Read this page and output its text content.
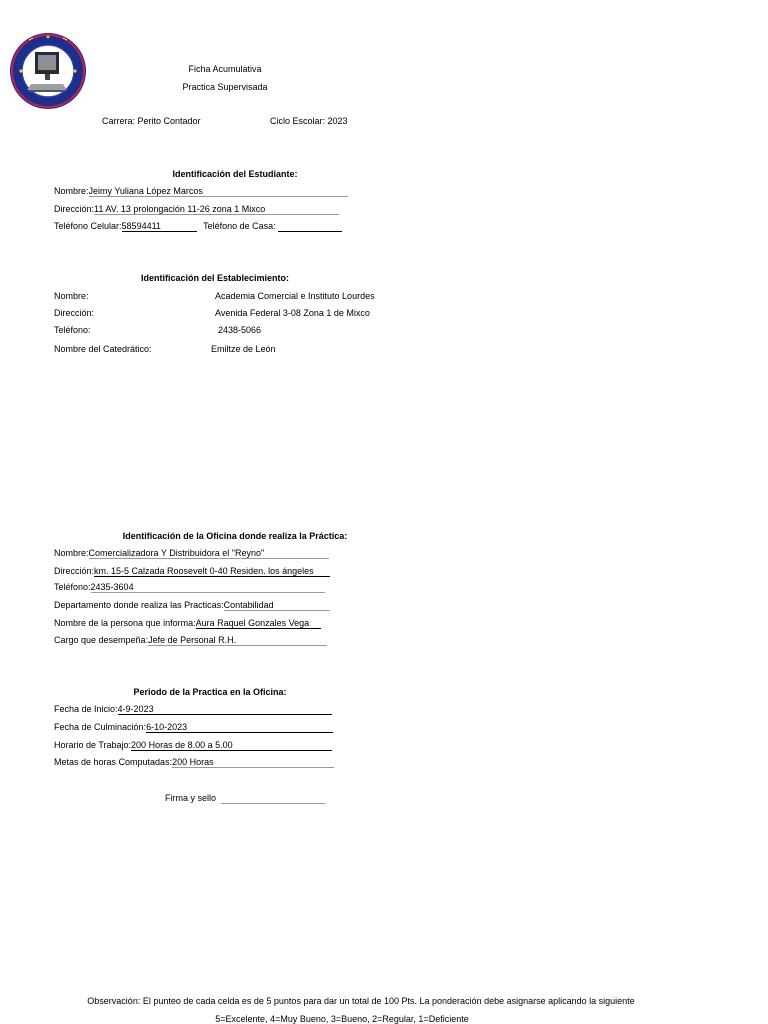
Ficha Acumulativa
Practica Supervisada
Carrera: Perito Contador	Ciclo Escolar: 2023
Identificación del Estudiante:
Nombre:Jeimy Yuliana López Marcos
Dirección:11 AV. 13 prolongación 11-26 zona 1 Mixco
Teléfono Celular:58594411	Teléfono de Casa:
Identificación del Establecimiento:
Nombre:	Academia Comercial e Instituto Lourdes
Dirección:	Avenida Federal 3-08 Zona 1 de Mixco
Teléfono:	2438-5066
Nombre del Catedrático:	Emiltze de León
Identificación de la Oficina donde realiza la Práctica:
Nombre:Comercializadora Y Distribuidora el "Reyno"
Dirección:km. 15-5 Calzada Roosevelt 0-40 Residen. los ángeles
Teléfono:2435-3604
Departamento donde realiza las Practicas:Contabilidad
Nombre de la persona que informa:Aura Raquel Gonzales Vega
Cargo que desempeña:Jefe de Personal R.H.
Periodo de la Practica en la Oficina:
Fecha de Inicio:4-9-2023
Fecha de Culminación:6-10-2023
Horario de Trabajo:200 Horas de 8.00 a 5.00
Metas de horas Computadas:200 Horas
Firma y sello
Observación: El punteo de cada celda es de 5 puntos para dar un total de 100 Pts. La ponderación debe asignarse aplicando la siguiente
5=Excelente, 4=Muy Bueno, 3=Bueno, 2=Regular, 1=Deficiente
